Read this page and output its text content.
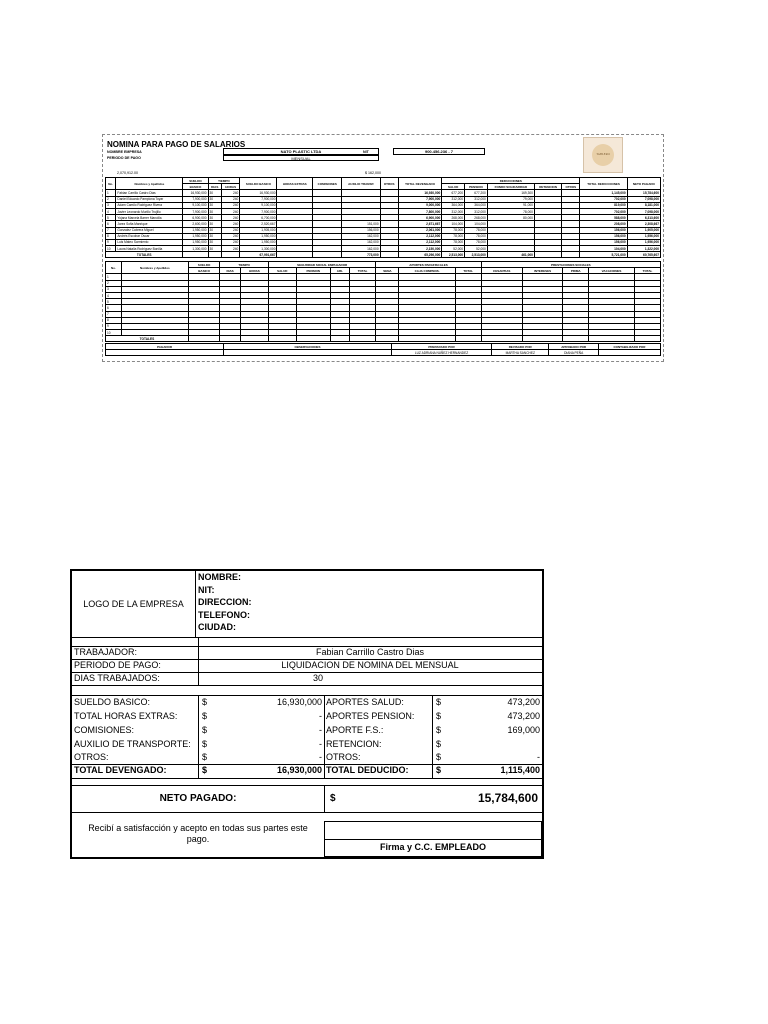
NOMINA PARA PAGO DE SALARIOS
NOMBRE EMPRESA	NATO PLASTIC LTDA
PERIODO DE PAGO	MENSUAL
NIT	900.456.236 - 7
2,070,912.00	$ 162,000
TABLERO
No.	Nombres y Apellidos	SUELDO	TIEMPO		SUELDO BASICO	HORAS EXTRAS	COMISIONES	AUXILIO TRANSP.	OTROS	TOTAL DEVENGADO	DEDUCCIONES					TOTAL DEDUCCIONES	NETO PAGADO
		BASICO	DIAS	HORAS							SALUD	PENSION	FONDO SOLIDARIDAD	RETENCION	OTROS		
1	Fabian Carrillo Castro Dias	16,930,000	30	240	16,930,000					16,930,000	677,200	677,200	169,300			1,145,000	15,784,600
2	Daniel Eduardo Pamplona Toyar	7,900,000	30	240	7,900,000					7,900,000	312,000	312,000	79,000			702,000	7,098,000
3	Adam Camilo Rodriguez Rivera	9,100,000	30	240	9,100,000					9,000,000	364,000	364,000	91,000			819,000	8,181,000
4	Javier Leonardo Murillo Trujillo	7,900,000	30	240	7,900,000					7,800,000	312,000	312,000	78,000			702,000	7,098,000
5	Yojana Marcela Barrer Mancilla	6,900,000	30	240	6,700,000					6,900,000	268,000	268,000	80,000			588,000	6,313,600
6	Jarez Sofia Manrique	2,600,000	30	240	2,520,667			151,000		2,671,667	104,000	104,000				208,000	2,308,667
7	Gonzalez Cabrera Miguel	1,950,000	30	240	1,905,000			156,000		2,061,000	78,000	78,000				156,000	1,905,000
8	Andrés Escobar Oscar	1,950,000	30	240	1,950,000			162,000		2,112,000	78,000	78,000				156,000	1,956,000
9	Luis Mateo Sarmiento	1,950,000	30	240	1,950,000			162,000		2,112,000	78,000	78,000				156,000	1,956,000
10	Laura Natalia Rodriguez Bonilla	1,300,000	30	240	1,300,000			162,000		2,150,000	52,000	52,000				104,000	1,322,000
TOTALES					67,991,667			773,000		65,296,000	2,513,000	2,513,000	461,000			5,721,000	60,765,607
No.	Nombres y Apellidos	SUELDO	TIEMPO		SEGURIDAD SOCIAL EMPLEADOR				APORTES PARAFISCALES			PRESTACIONES SOCIALES				
		BASICO	DIAS	HORAS	SALUD	PENSION	ARL	TOTAL	SENA	CAJA COMPENS.	TOTAL	CESANTIAS	INTERESES	PRIMA	VACACIONES	TOTAL
1																
2																
3																
4																
5																
6																
7																
8																
9																
10																
TOTALES																
PAGADOR	OBSERVACIONES	PREPARADO POR	REVISADO POR	APROBADO POR	CONTABILIZADO POR
		LUZ ADRIANA NUÑEZ HERNANDEZ	MARTHA SANCHEZ	DIANA PEÑA	
LOGO DE LA EMPRESA
NOMBRE:
NIT:
DIRECCION:
TELEFONO:
CIUDAD:
TRABAJADOR:	Fabian Carrillo Castro Dias
PERIODO DE PAGO:	LIQUIDACION DE NOMINA DEL MENSUAL
DIAS TRABAJADOS:	30
SUELDO BASICO:	$	16,930,000
TOTAL HORAS EXTRAS:	$	-
COMISIONES:	$	-
AUXILIO DE TRANSPORTE:	$	-
OTROS:	$	-
TOTAL DEVENGADO:	$	16,930,000
APORTES SALUD:	$	473,200
APORTES PENSION:	$	473,200
APORTE F.S.:	$	169,000
RETENCION:	$
OTROS:	$	-
TOTAL DEDUCIDO:	$	1,115,400
NETO PAGADO:	$	15,784,600
Recibí a satisfacción y acepto en todas sus partes este pago.
Firma y C.C. EMPLEADO
